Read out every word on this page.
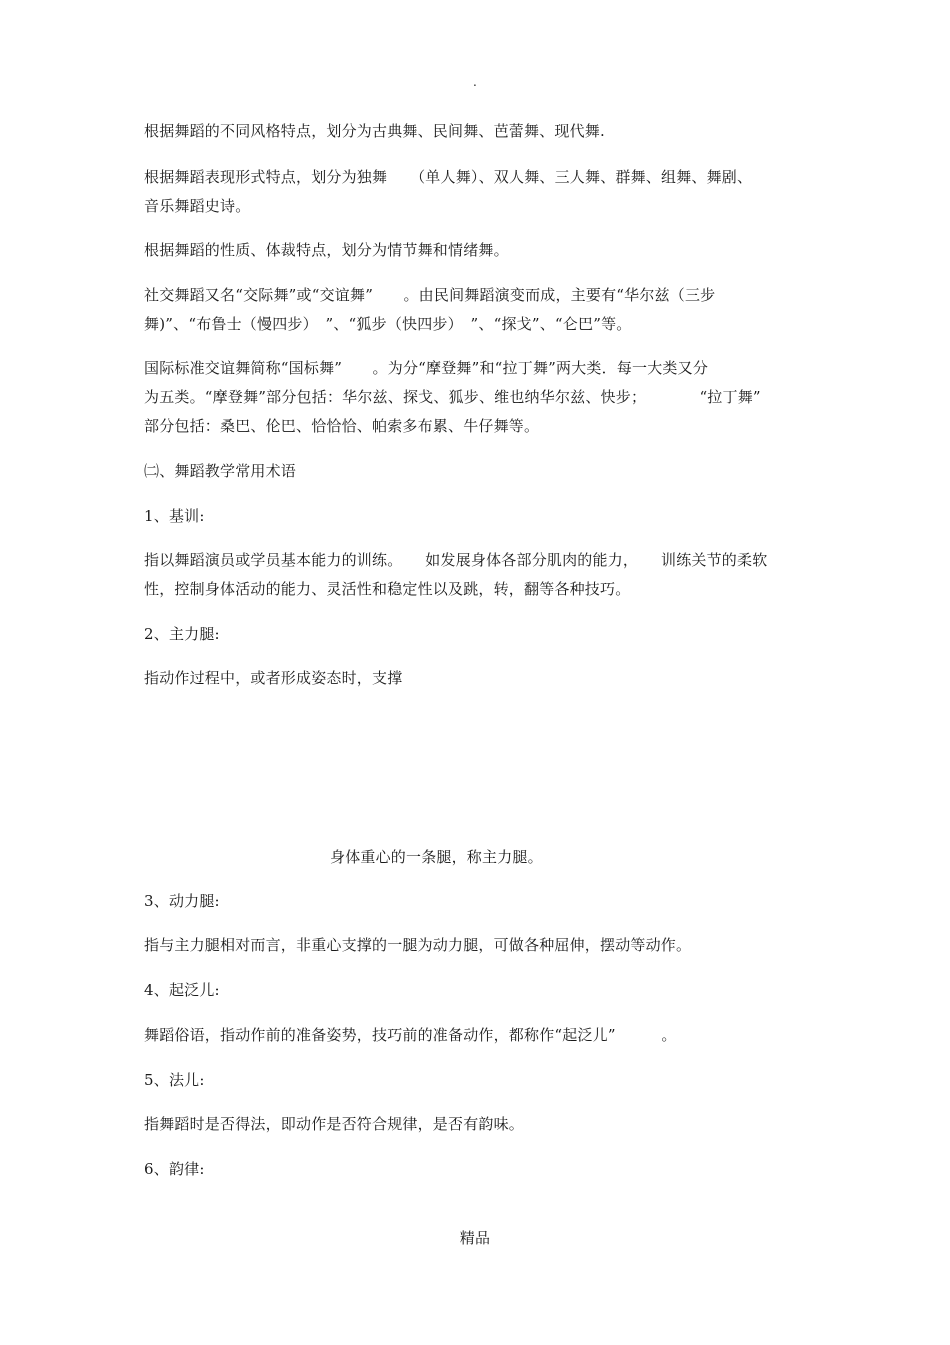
.
根据舞蹈的不同风格特点，划分为古典舞、民间舞、芭蕾舞、现代舞.
根据舞蹈表现形式特点，划分为独舞　　（单人舞）、双人舞、三人舞、群舞、组舞、舞剧、
音乐舞蹈史诗。
根据舞蹈的性质、体裁特点，划分为情节舞和情绪舞。
社交舞蹈又名“交际舞”或“交谊舞”　　。由民间舞蹈演变而成，主要有“华尔兹（三步
舞)”、“布鲁士（慢四步）　”、“狐步（快四步）　”、“探戈”、“仑巴”等。
国际标准交谊舞简称“国标舞”　　。为分“摩登舞”和“拉丁舞”两大类．每一大类又分
为五类。“摩登舞”部分包括：华尔兹、探戈、狐步、维也纳华尔兹、快步；　　　　“拉丁舞”
部分包括：桑巴、伦巴、恰恰恰、帕索多布累、牛仔舞等。
㈡、舞蹈教学常用术语
1、基训:
指以舞蹈演员或学员基本能力的训练。　　如发展身体各部分肌肉的能力，　　训练关节的柔软
性，控制身体活动的能力、灵活性和稳定性以及跳，转，翻等各种技巧。
2、主力腿:
指动作过程中，或者形成姿态时，支撑
身体重心的一条腿，称主力腿。
3、动力腿:
指与主力腿相对而言，非重心支撑的一腿为动力腿，可做各种屈伸，摆动等动作。
4、起泛儿:
舞蹈俗语，指动作前的准备姿势，技巧前的准备动作，都称作“起泛儿”　　　。
5、法儿:
指舞蹈时是否得法，即动作是否符合规律，是否有韵味。
6、韵律:
精品
